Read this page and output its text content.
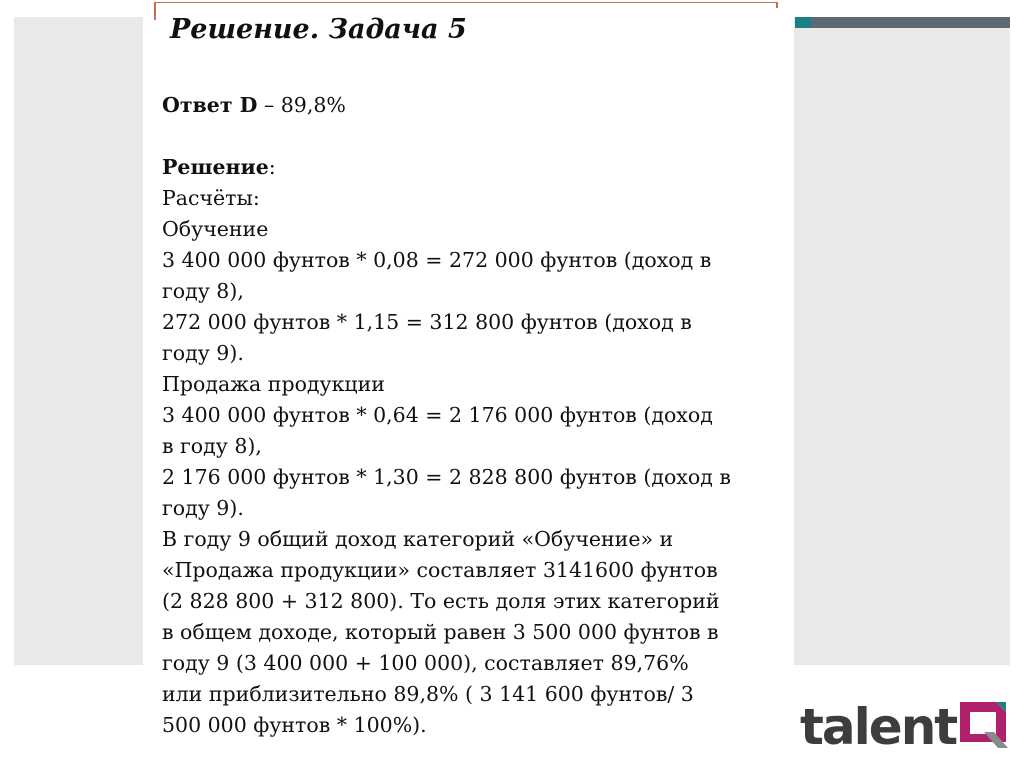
Решение. Задача 5
Ответ D – 89,8%
Решение:
Расчёты:
Обучение
3 400 000 фунтов * 0,08 = 272 000 фунтов (доход в
году 8),
272 000 фунтов * 1,15 = 312 800 фунтов (доход в
году 9).
Продажа продукции
3 400 000 фунтов * 0,64 = 2 176 000 фунтов (доход
в году 8),
2 176 000 фунтов * 1,30 = 2 828 800 фунтов (доход в
году 9).
В году 9 общий доход категорий «Обучение» и
«Продажа продукции» составляет 3141600 фунтов
(2 828 800 + 312 800). То есть доля этих категорий
в общем доходе, который равен 3 500 000 фунтов в
году 9 (3 400 000 + 100 000), составляет 89,76%
или приблизительно 89,8% ( 3 141 600 фунтов/ 3
500 000 фунтов * 100%).	talent
